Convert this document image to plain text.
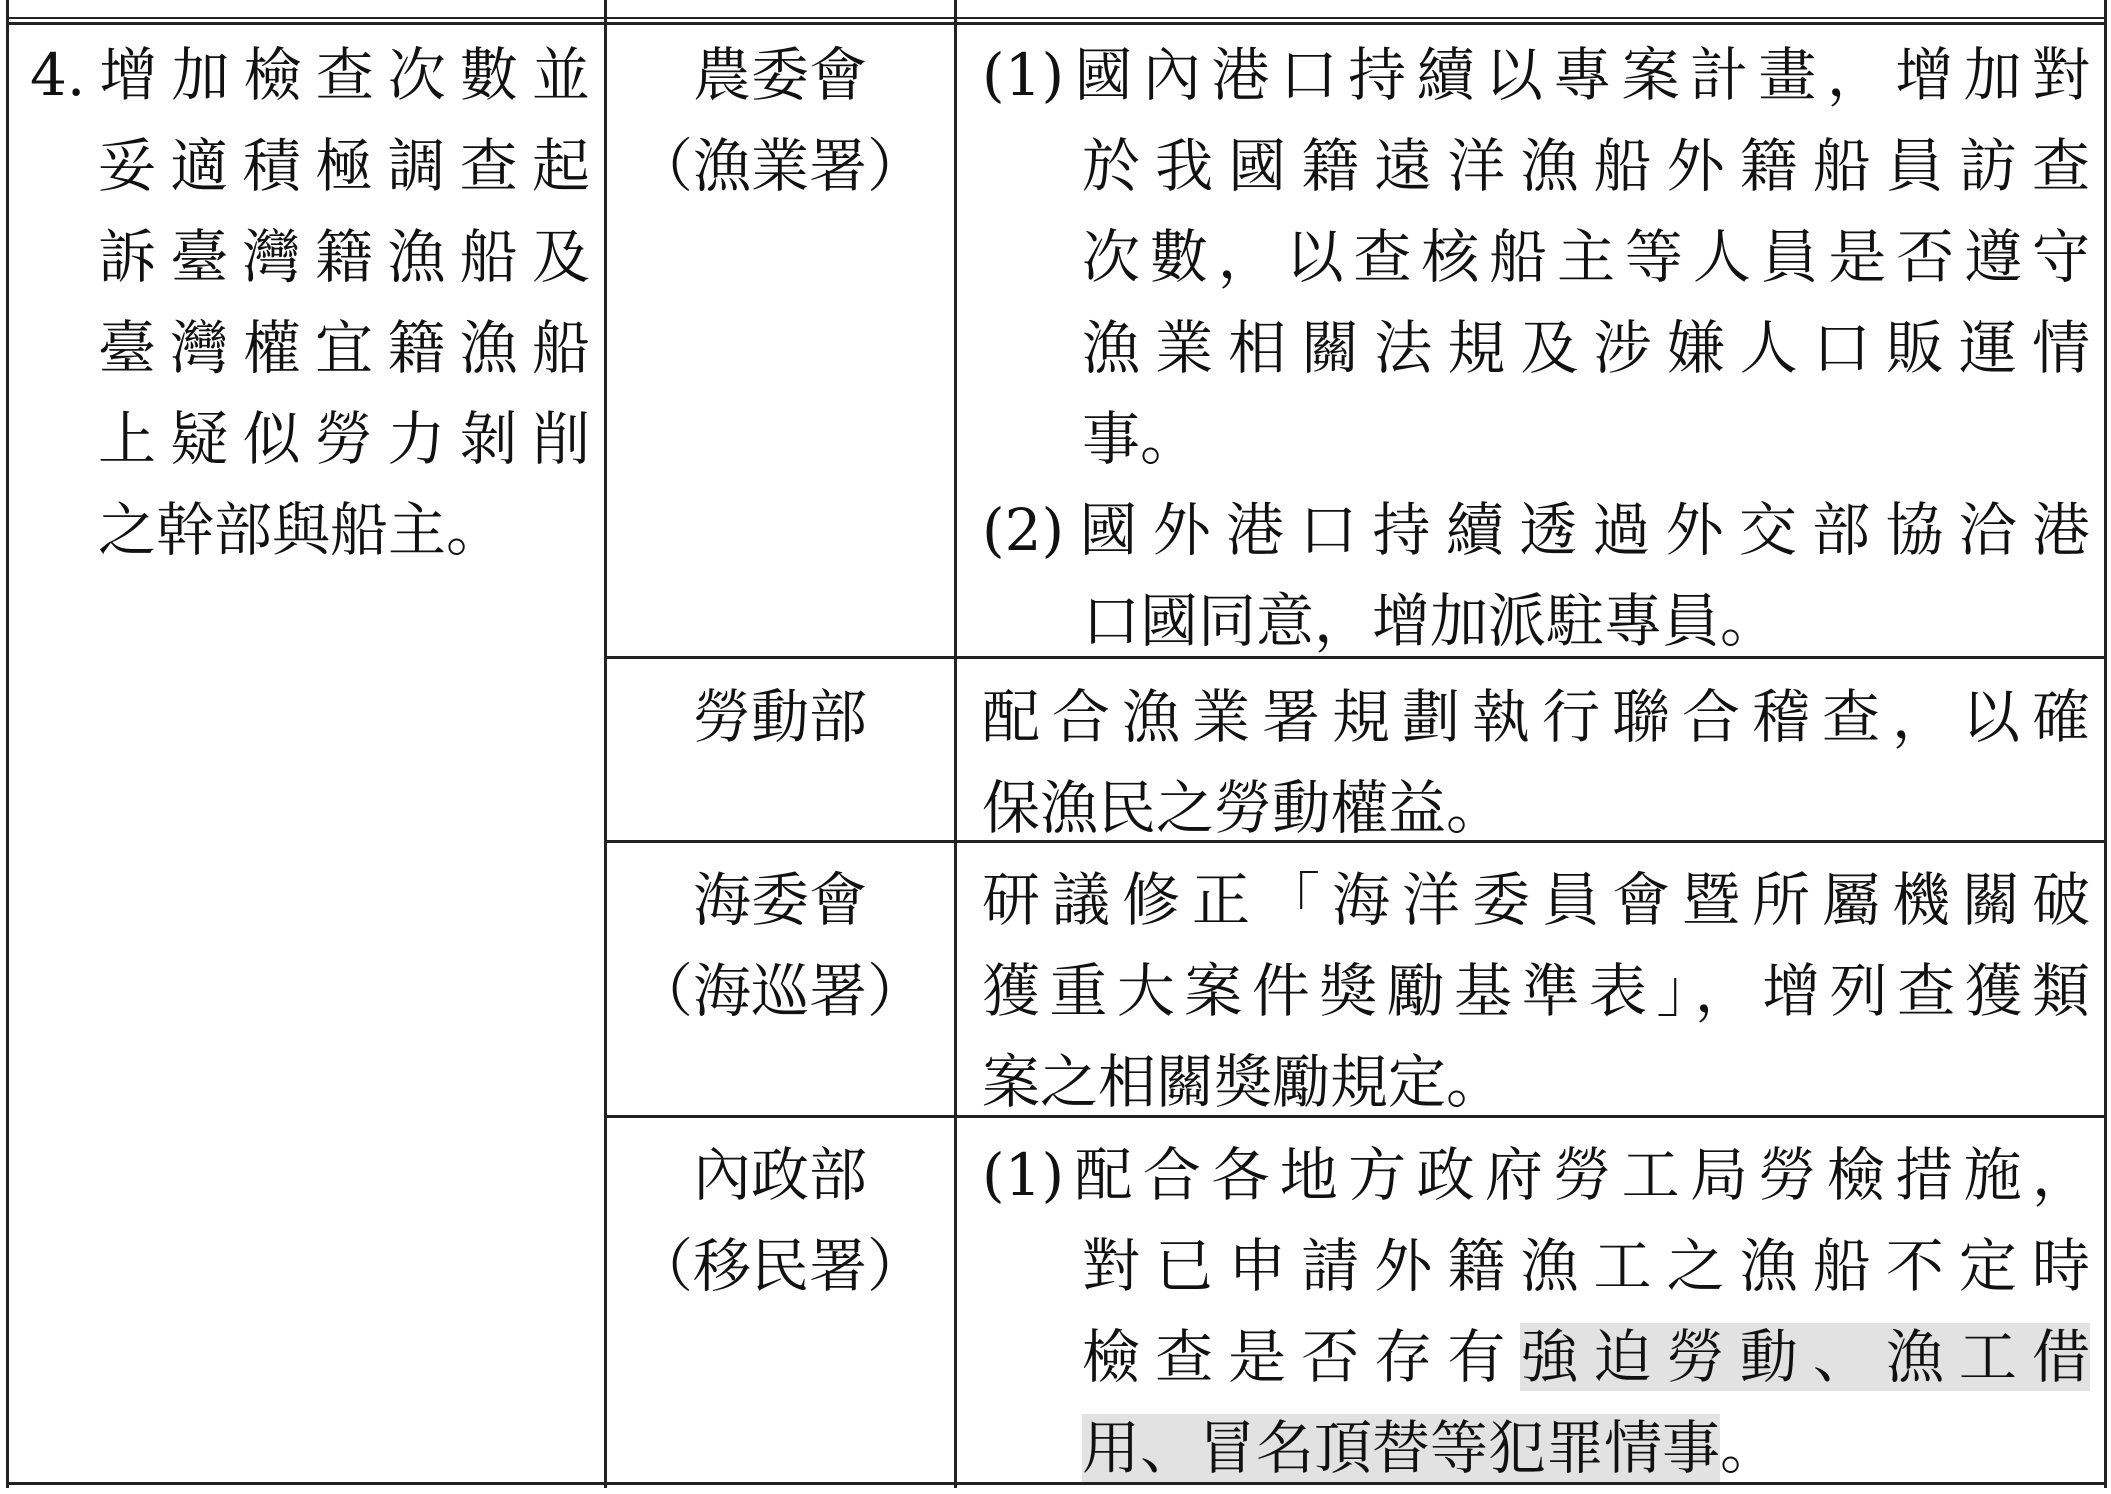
4.增加檢查次數並
妥適積極調查起
訴臺灣籍漁船及
臺灣權宜籍漁船
上疑似勞力剝削
之幹部與船主。
農委會
（漁業署）
(1)國內港口持續以專案計畫，增加對
於我國籍遠洋漁船外籍船員訪查
次數，以查核船主等人員是否遵守
漁業相關法規及涉嫌人口販運情
事。
(2)國外港口持續透過外交部協洽港
口國同意，增加派駐專員。
勞動部	配合漁業署規劃執行聯合稽查，以確
保漁民之勞動權益。
海委會
（海巡署）
研議修正「海洋委員會暨所屬機關破
獲重大案件獎勵基準表」，增列查獲類
案之相關獎勵規定。
內政部
（移民署）
(1)配合各地方政府勞工局勞檢措施，
對已申請外籍漁工之漁船不定時
檢查是否存有強迫勞動、漁工借
用、冒名頂替等犯罪情事。
